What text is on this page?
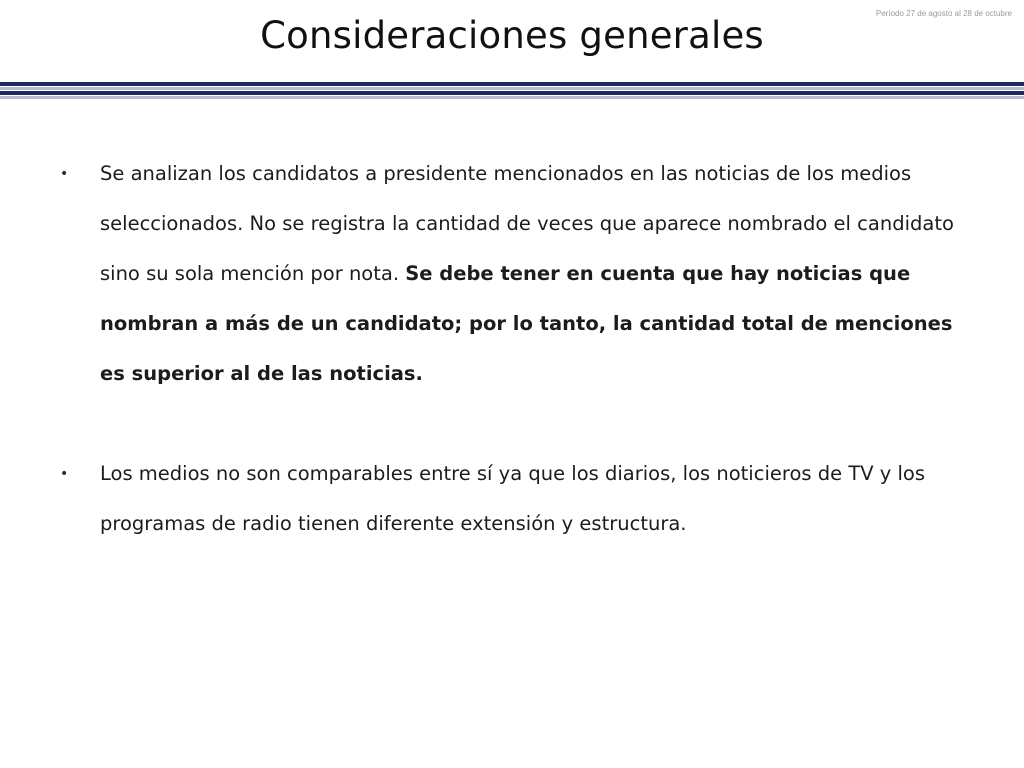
Período 27 de agosto al 28 de octubre
Consideraciones generales
• Se analizan los candidatos a presidente mencionados en las noticias de los medios seleccionados. No se registra la cantidad de veces que aparece nombrado el candidato sino su sola mención por nota. Se debe tener en cuenta que hay noticias que nombran a más de un candidato; por lo tanto, la cantidad total de menciones es superior al de las noticias.
• Los medios no son comparables entre sí ya que los diarios, los noticieros de TV y los programas de radio tienen diferente extensión y estructura.
